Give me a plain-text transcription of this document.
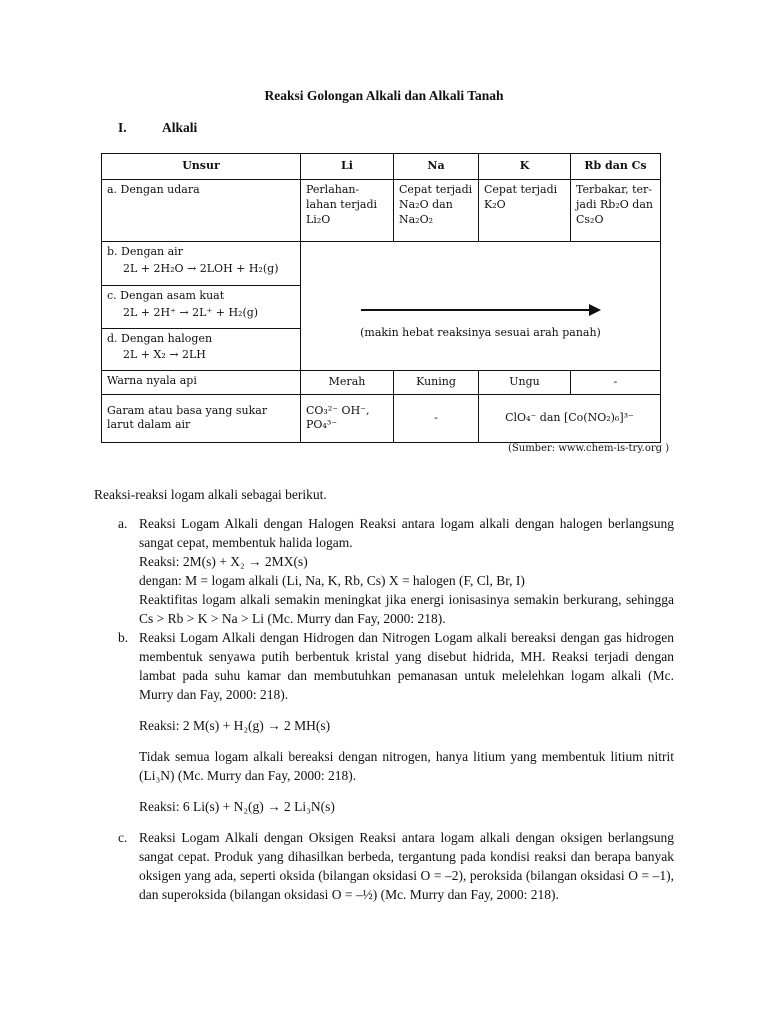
Reaksi Golongan Alkali dan Alkali Tanah
I.	Alkali
Unsur	Li	Na	K	Rb dan Cs
a. Dengan udara	Perlahan-lahan terjadi Li₂O	Cepat terjadi Na₂O dan Na₂O₂	Cepat terjadi K₂O	Terbakar, ter-jadi Rb₂O dan Cs₂O
b. Dengan air
2L + 2H₂O → 2LOH + H₂(g)	(makin hebat reaksinya sesuai arah panah)			

c. Dengan asam kuat
2L + 2H⁺ → 2L⁺ + H₂(g)				

d. Dengan halogen
2L + X₂ → 2LH				

Warna nyala api	Merah	Kuning	Ungu	-
Garam atau basa yang sukar larut dalam air	CO₃²⁻ OH⁻, PO₄³⁻	-	ClO₄⁻ dan [Co(NO₂)₆]³⁻	
(Sumber: www.chem-is-try.org )
Reaksi-reaksi logam alkali sebagai berikut.
a. Reaksi Logam Alkali dengan Halogen Reaksi antara logam alkali dengan halogen berlangsung sangat cepat, membentuk halida logam.
Reaksi: 2M(s) + X₂ → 2MX(s)
dengan: M = logam alkali (Li, Na, K, Rb, Cs) X = halogen (F, Cl, Br, I)
Reaktifitas logam alkali semakin meningkat jika energi ionisasinya semakin berkurang, sehingga Cs > Rb > K > Na > Li (Mc. Murry dan Fay, 2000: 218).
b. Reaksi Logam Alkali dengan Hidrogen dan Nitrogen Logam alkali bereaksi dengan gas hidrogen membentuk senyawa putih berbentuk kristal yang disebut hidrida, MH. Reaksi terjadi dengan lambat pada suhu kamar dan membutuhkan pemanasan untuk melelehkan logam alkali (Mc. Murry dan Fay, 2000: 218).
Reaksi: 2 M(s) + H₂(g) → 2 MH(s)
Tidak semua logam alkali bereaksi dengan nitrogen, hanya litium yang membentuk litium nitrit (Li₃N) (Mc. Murry dan Fay, 2000: 218).
Reaksi: 6 Li(s) + N₂(g) → 2 Li₃N(s)
c. Reaksi Logam Alkali dengan Oksigen Reaksi antara logam alkali dengan oksigen berlangsung sangat cepat. Produk yang dihasilkan berbeda, tergantung pada kondisi reaksi dan berapa banyak oksigen yang ada, seperti oksida (bilangan oksidasi O = –2), peroksida (bilangan oksidasi O = –1), dan superoksida (bilangan oksidasi O = –½) (Mc. Murry dan Fay, 2000: 218).
